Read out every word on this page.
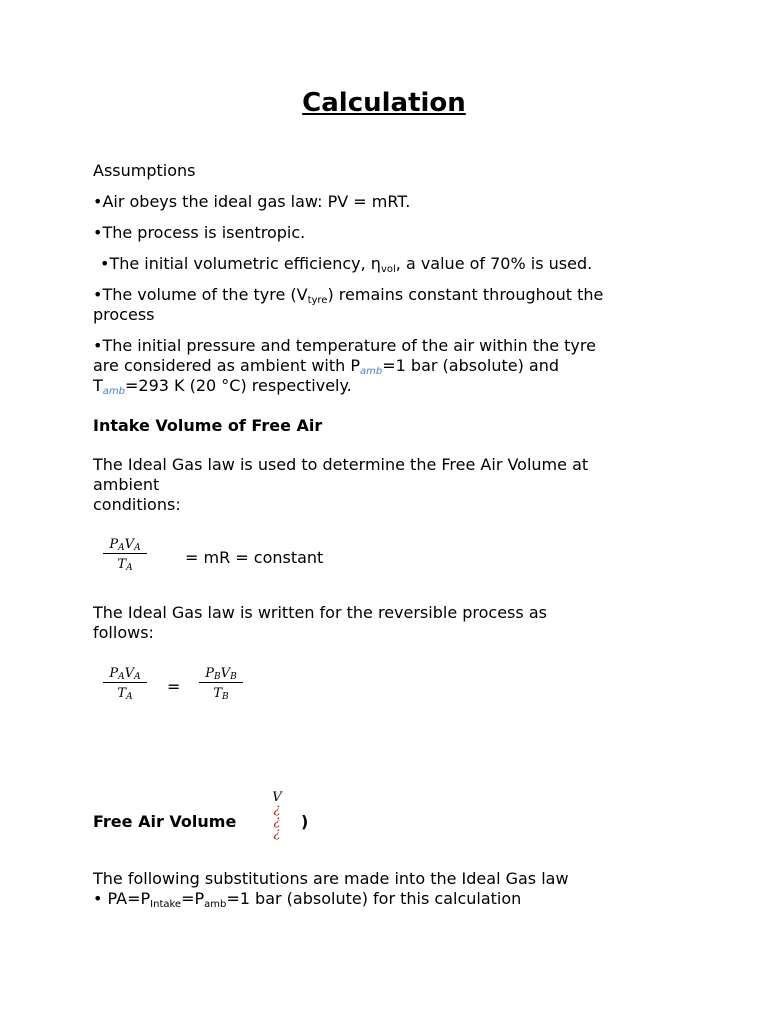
Calculation
Assumptions
•Air obeys the ideal gas law: PV = mRT.
•The process is isentropic.
•The initial volumetric efficiency, $\eta_{vol}$, a value of 70% is used.
•The volume of the tyre $(V_{tyre})$ remains constant throughout the
process
•The initial pressure and temperature of the air within the tyre
are considered as ambient with Pamb=1 bar (absolute) and
Tamb=293 K (20 °C) respectively.
Intake Volume of Free Air
The Ideal Gas law is used to determine the Free Air Volume at
ambient
conditions:
PAVA
TA
= mR = constant
The Ideal Gas law is written for the reversible process as
follows:
PAVA
TA
=
PBVB
TB
Free Air Volume
V
¿
¿
¿
)
The following substitutions are made into the Ideal Gas law
• $PA=P_{Intake}=P_{amb}=1$ bar (absolute) for this calculation
